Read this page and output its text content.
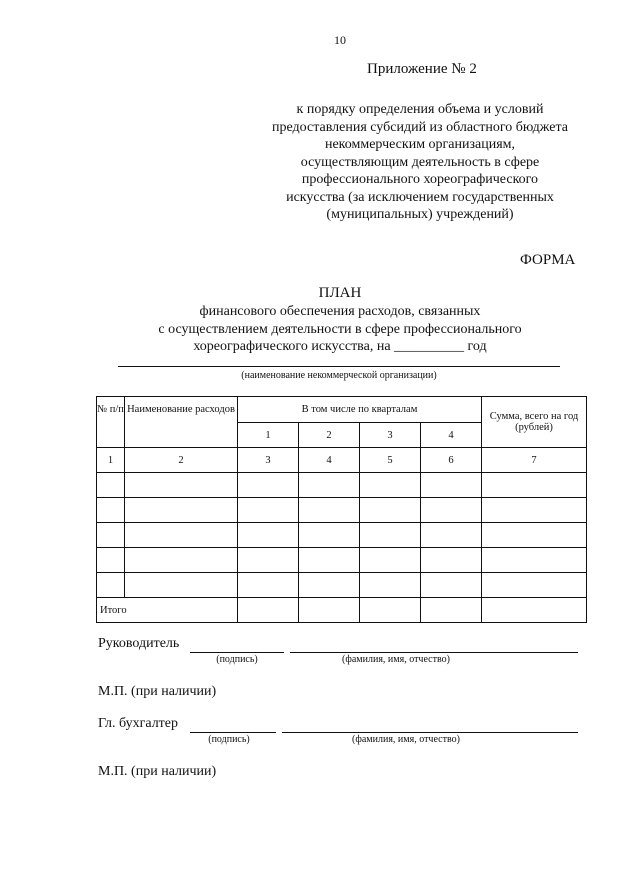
10
Приложение № 2
к порядку определения объема и условий
предоставления субсидий из областного бюджета
некоммерческим организациям,
осуществляющим деятельность в сфере
профессионального хореографического
искусства (за исключением государственных
(муниципальных) учреждений)
ФОРМА
ПЛАН
финансового обеспечения расходов, связанных
с осуществлением деятельности в сфере профессионального
хореографического искусства, на __________ год
(наименование некоммерческой организации)
№ п/п	Наименование расходов	В том числе по кварталам				Сумма, всего на год (рублей)
		1	2	3	4	
1	2	3	4	5	6	7

Итого						
Руководитель
(подпись)	(фамилия, имя, отчество)
М.П. (при наличии)
Гл. бухгалтер
(подпись)	(фамилия, имя, отчество)
М.П. (при наличии)
